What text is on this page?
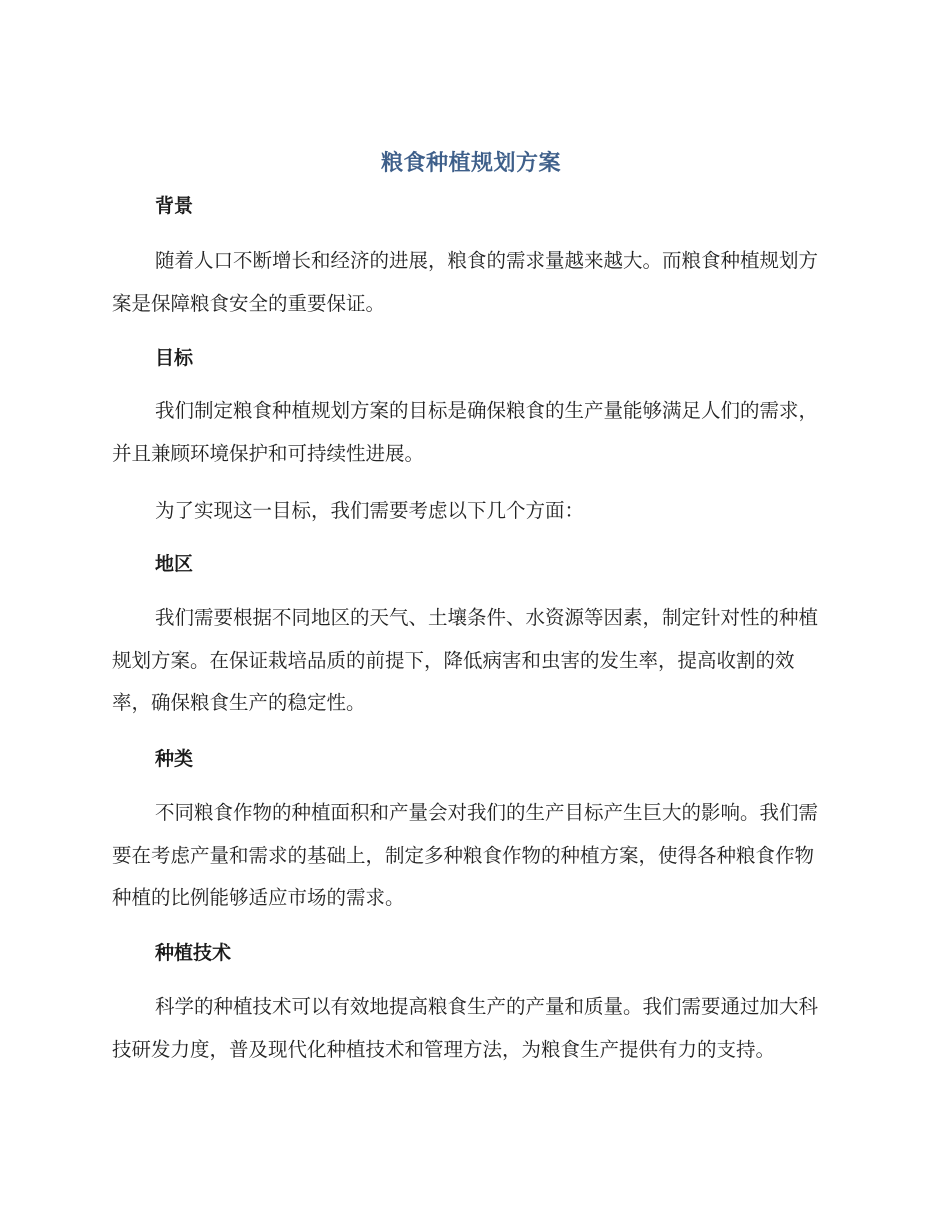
粮食种植规划方案
背景

随着人口不断增长和经济的进展，粮食的需求量越来越大。而粮食种植规划方案是保障粮食安全的重要保证。

目标

我们制定粮食种植规划方案的目标是确保粮食的生产量能够满足人们的需求，并且兼顾环境保护和可持续性进展。

为了实现这一目标，我们需要考虑以下几个方面：

地区

我们需要根据不同地区的天气、土壤条件、水资源等因素，制定针对性的种植规划方案。在保证栽培品质的前提下，降低病害和虫害的发生率，提高收割的效率，确保粮食生产的稳定性。

种类

不同粮食作物的种植面积和产量会对我们的生产目标产生巨大的影响。我们需要在考虑产量和需求的基础上，制定多种粮食作物的种植方案，使得各种粮食作物种植的比例能够适应市场的需求。

种植技术

科学的种植技术可以有效地提高粮食生产的产量和质量。我们需要通过加大科技研发力度，普及现代化种植技术和管理方法，为粮食生产提供有力的支持。
